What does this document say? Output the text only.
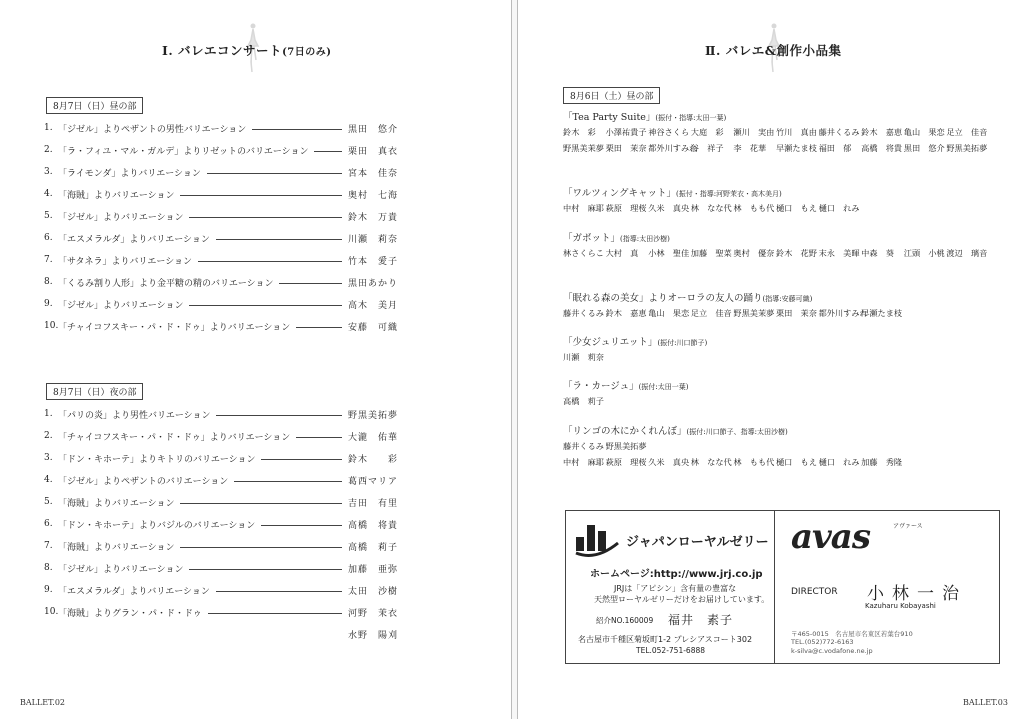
Ⅰ. バレエコンサート(7日のみ)
8月7日（日）昼の部
1. 「ジゼル」よりペザントの男性バリエーション	黒田　悠介
2. 「ラ・フィユ・マル・ガルデ」よりリゼットのバリエーション	栗田　真衣
3. 「ライモンダ」よりバリエーション	宮本　佳奈
4. 「海賊」よりバリエーション	奥村　七海
5. 「ジゼル」よりバリエーション	鈴木　万貴
6. 「エスメラルダ」よりバリエーション	川瀬　莉奈
7. 「サタネラ」よりバリエーション	竹本　愛子
8. 「くるみ割り人形」より金平糖の精のバリエーション	黒田あかり
9. 「ジゼル」よりバリエーション	高木　美月
10. 「チャイコフスキー・パ・ド・ドゥ」よりバリエーション	安藤　可織
8月7日（日）夜の部
1. 「パリの炎」より男性バリエーション	野黒美拓夢
2. 「チャイコフスキー・パ・ド・ドゥ」よりバリエーション	大瀧　佑華
3. 「ドン・キホーテ」よりキトリのバリエーション	鈴木　　彩
4. 「ジゼル」よりペザントのバリエーション	葛西マリア
5. 「海賊」よりバリエーション	吉田　有里
6. 「ドン・キホーテ」よりバジルのバリエーション	高橋　将貴
7. 「海賊」よりバリエーション	高橋　莉子
8. 「ジゼル」よりバリエーション	加藤　亜弥
9. 「エスメラルダ」よりバリエーション	太田　沙樹
10. 「海賊」よりグラン・パ・ド・ドゥ	河野　茉衣
水野　陽刈
BALLET.02
Ⅱ. バレエ&創作小品集
8月6日（土）昼の部
「Tea Party Suite」(振付・指導:太田一葉)
鈴木　彩	小澤祐貴子 神谷さくら 大庭　彩	瀬川　実由 竹川　真由 藤井くるみ 鈴木　嘉恵 亀山　果恋 足立　佳音
野黒美茉夢 栗田　茉奈 都外川すみれ
谷　祥子	李　花華	早瀬たま枝 福田　郁	高橋　将貴 黒田　悠介 野黒美拓夢
「ワルツィングキャット」(振付・指導:河野茉衣・高木美月)
中村　麻耶 萩原　理桜 久米　真央 林　なな代 林　もも代 樋口　もえ 樋口　れみ
「ガボット」(指導:太田沙樹)
林さくらこ 大村　真	小林　聖佳 加藤　聖菜 奥村　優奈 鈴木　花野 末永　美暉 中森　葵	江頭　小桃 渡辺　璃音
「眠れる森の美女」よりオーロラの友人の踊り(指導:安藤可織)
藤井くるみ 鈴木　嘉恵 亀山　果恋 足立　佳音 野黒美茉夢 栗田　茉奈 都外川すみれ
早瀬たま枝
「少女ジュリエット」(振付:川口節子)
川瀬　莉奈
「ラ・カージュ」(振付:太田一葉)
高橋　莉子
「リンゴの木にかくれんぼ」(振付:川口節子、指導:太田沙樹)
藤井くるみ 野黒美拓夢
中村　麻耶 萩原　理桜 久米　真央 林　なな代 林　もも代 樋口　もえ 樋口　れみ 加藤　秀隆
ジャパンローヤルゼリー
ホームページ:http://www.jrj.co.jp
JRJは「アピシン」含有量の豊富な
天然型ローヤルゼリーだけをお届けしています。
紹介NO.160009 福井　素子
名古屋市千種区菊坂町1-2 プレシアスコート302
TEL.052-751-6888
avas	アヴァース
DIRECTOR 小林一治
Kazuharu Kobayashi
〒465-0015　名古屋市名東区若葉台910
TEL.(052)772-6163
k-silva@c.vodafone.ne.jp
BALLET.03
